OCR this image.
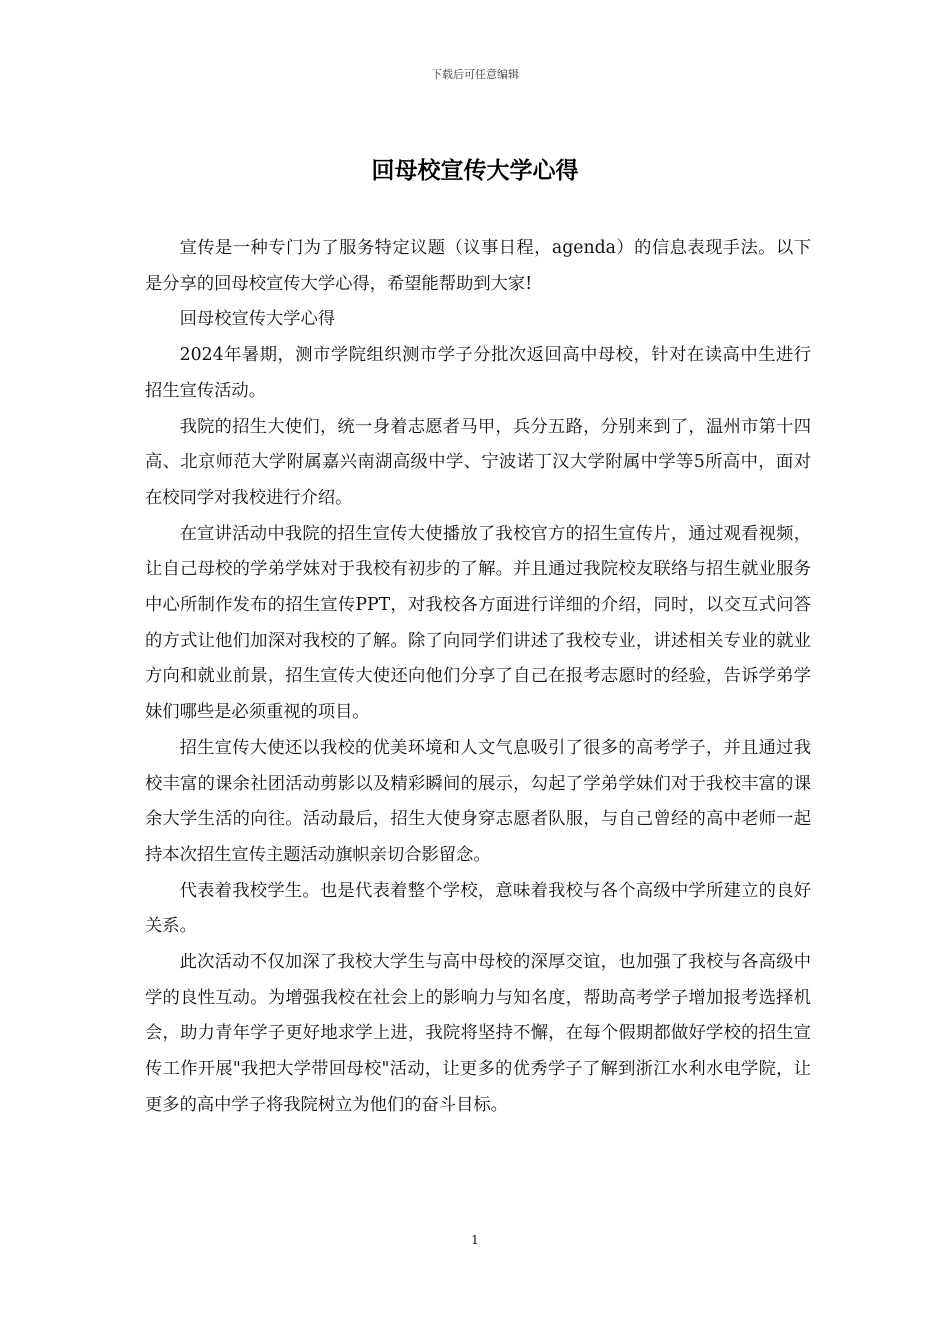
下载后可任意编辑
回母校宣传大学心得

宣传是一种专门为了服务特定议题（议事日程，agenda）的信息表现手法。以下是分享的回母校宣传大学心得，希望能帮助到大家!

回母校宣传大学心得

2024年暑期，测市学院组织测市学子分批次返回高中母校，针对在读高中生进行招生宣传活动。

我院的招生大使们，统一身着志愿者马甲，兵分五路，分别来到了，温州市第十四高、北京师范大学附属嘉兴南湖高级中学、宁波诺丁汉大学附属中学等5所高中，面对在校同学对我校进行介绍。

在宣讲活动中我院的招生宣传大使播放了我校官方的招生宣传片，通过观看视频，让自己母校的学弟学妹对于我校有初步的了解。并且通过我院校友联络与招生就业服务中心所制作发布的招生宣传PPT，对我校各方面进行详细的介绍，同时，以交互式问答的方式让他们加深对我校的了解。除了向同学们讲述了我校专业，讲述相关专业的就业方向和就业前景，招生宣传大使还向他们分享了自己在报考志愿时的经验，告诉学弟学妹们哪些是必须重视的项目。

招生宣传大使还以我校的优美环境和人文气息吸引了很多的高考学子，并且通过我校丰富的课余社团活动剪影以及精彩瞬间的展示，勾起了学弟学妹们对于我校丰富的课余大学生活的向往。活动最后，招生大使身穿志愿者队服，与自己曾经的高中老师一起持本次招生宣传主题活动旗帜亲切合影留念。

代表着我校学生。也是代表着整个学校，意味着我校与各个高级中学所建立的良好关系。

此次活动不仅加深了我校大学生与高中母校的深厚交谊，也加强了我校与各高级中学的良性互动。为增强我校在社会上的影响力与知名度，帮助高考学子增加报考选择机会，助力青年学子更好地求学上进，我院将坚持不懈，在每个假期都做好学校的招生宣传工作开展"我把大学带回母校"活动，让更多的优秀学子了解到浙江水利水电学院，让更多的高中学子将我院树立为他们的奋斗目标。

1
